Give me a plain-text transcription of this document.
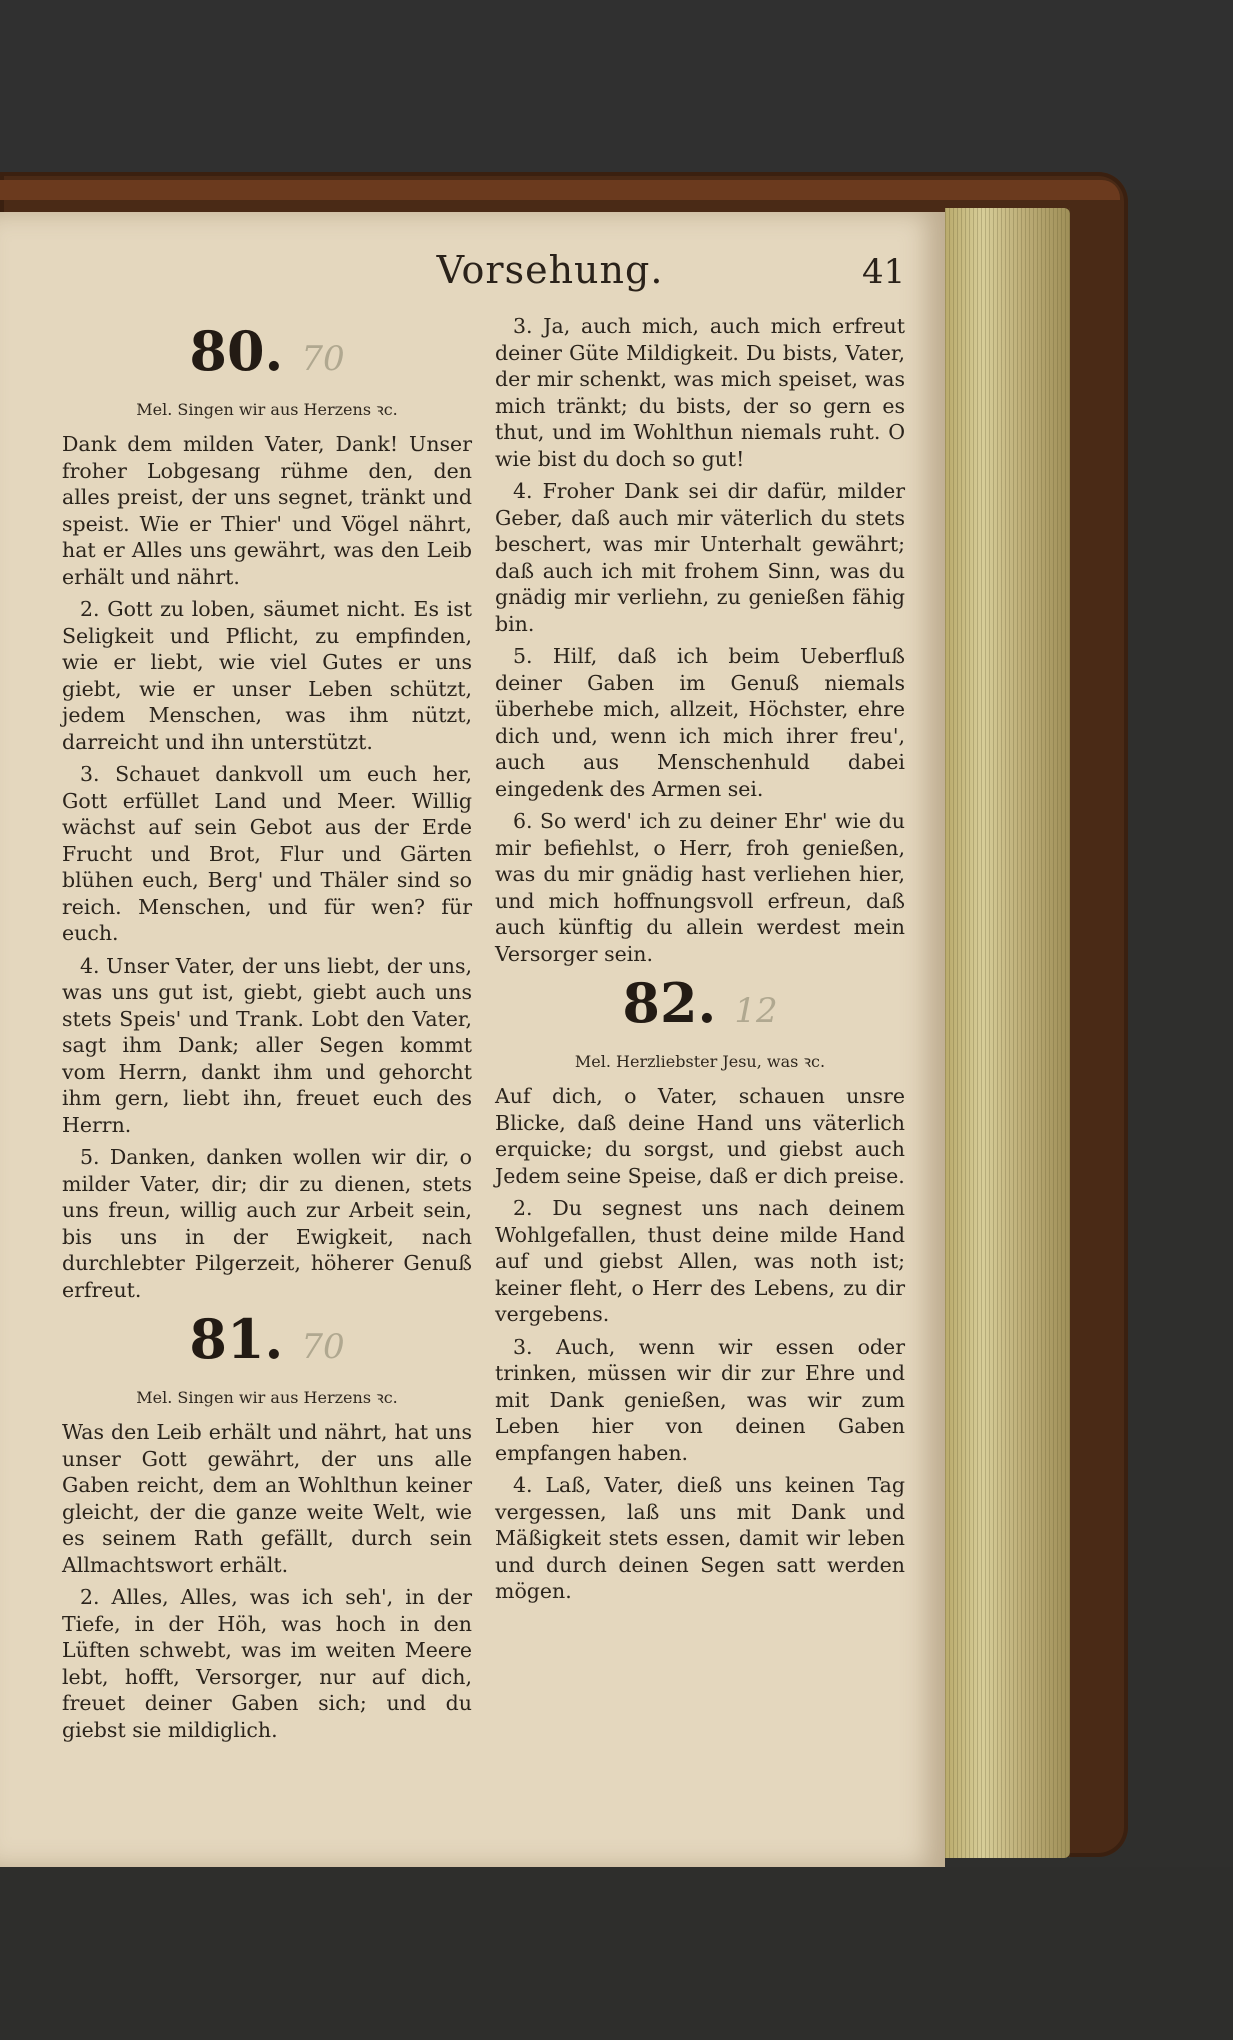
Vorsehung.	41
80. 70
Mel. Singen wir aus Herzens ꝛc.

Dank dem milden Vater, Dank! Unser froher Lobgesang rühme den, den alles preist, der uns segnet, tränkt und speist. Wie er Thier' und Vögel nährt, hat er Alles uns gewährt, was den Leib erhält und nährt.

2. Gott zu loben, säumet nicht. Es ist Seligkeit und Pflicht, zu empfinden, wie er liebt, wie viel Gutes er uns giebt, wie er unser Leben schützt, jedem Menschen, was ihm nützt, darreicht und ihn unterstützt.

3. Schauet dankvoll um euch her, Gott erfüllet Land und Meer. Willig wächst auf sein Gebot aus der Erde Frucht und Brot, Flur und Gärten blühen euch, Berg' und Thäler sind so reich. Menschen, und für wen? für euch.

4. Unser Vater, der uns liebt, der uns, was uns gut ist, giebt, giebt auch uns stets Speis' und Trank. Lobt den Vater, sagt ihm Dank; aller Segen kommt vom Herrn, dankt ihm und gehorcht ihm gern, liebt ihn, freuet euch des Herrn.

5. Danken, danken wollen wir dir, o milder Vater, dir; dir zu dienen, stets uns freun, willig auch zur Arbeit sein, bis uns in der Ewigkeit, nach durchlebter Pilgerzeit, höherer Genuß erfreut.

81. 70
Mel. Singen wir aus Herzens ꝛc.

Was den Leib erhält und nährt, hat uns unser Gott gewährt, der uns alle Gaben reicht, dem an Wohlthun keiner gleicht, der die ganze weite Welt, wie es seinem Rath gefällt, durch sein Allmachtswort erhält.

2. Alles, Alles, was ich seh', in der Tiefe, in der Höh, was hoch in den Lüften schwebt, was im weiten Meere lebt, hofft, Versorger, nur auf dich, freuet deiner Gaben sich; und du giebst sie mildiglich.

3. Ja, auch mich, auch mich erfreut deiner Güte Mildigkeit. Du bists, Vater, der mir schenkt, was mich speiset, was mich tränkt; du bists, der so gern es thut, und im Wohlthun niemals ruht. O wie bist du doch so gut!

4. Froher Dank sei dir dafür, milder Geber, daß auch mir väterlich du stets beschert, was mir Unterhalt gewährt; daß auch ich mit frohem Sinn, was du gnädig mir verliehn, zu genießen fähig bin.

5. Hilf, daß ich beim Ueberfluß deiner Gaben im Genuß niemals überhebe mich, allzeit, Höchster, ehre dich und, wenn ich mich ihrer freu', auch aus Menschenhuld dabei eingedenk des Armen sei.

6. So werd' ich zu deiner Ehr' wie du mir befiehlst, o Herr, froh genießen, was du mir gnädig hast verliehen hier, und mich hoffnungsvoll erfreun, daß auch künftig du allein werdest mein Versorger sein.

82. 12
Mel. Herzliebster Jesu, was ꝛc.

Auf dich, o Vater, schauen unsre Blicke, daß deine Hand uns väterlich erquicke; du sorgst, und giebst auch Jedem seine Speise, daß er dich preise.

2. Du segnest uns nach deinem Wohlgefallen, thust deine milde Hand auf und giebst Allen, was noth ist; keiner fleht, o Herr des Lebens, zu dir vergebens.

3. Auch, wenn wir essen oder trinken, müssen wir dir zur Ehre und mit Dank genießen, was wir zum Leben hier von deinen Gaben empfangen haben.

4. Laß, Vater, dieß uns keinen Tag vergessen, laß uns mit Dank und Mäßigkeit stets essen, damit wir leben und durch deinen Segen satt werden mögen.
